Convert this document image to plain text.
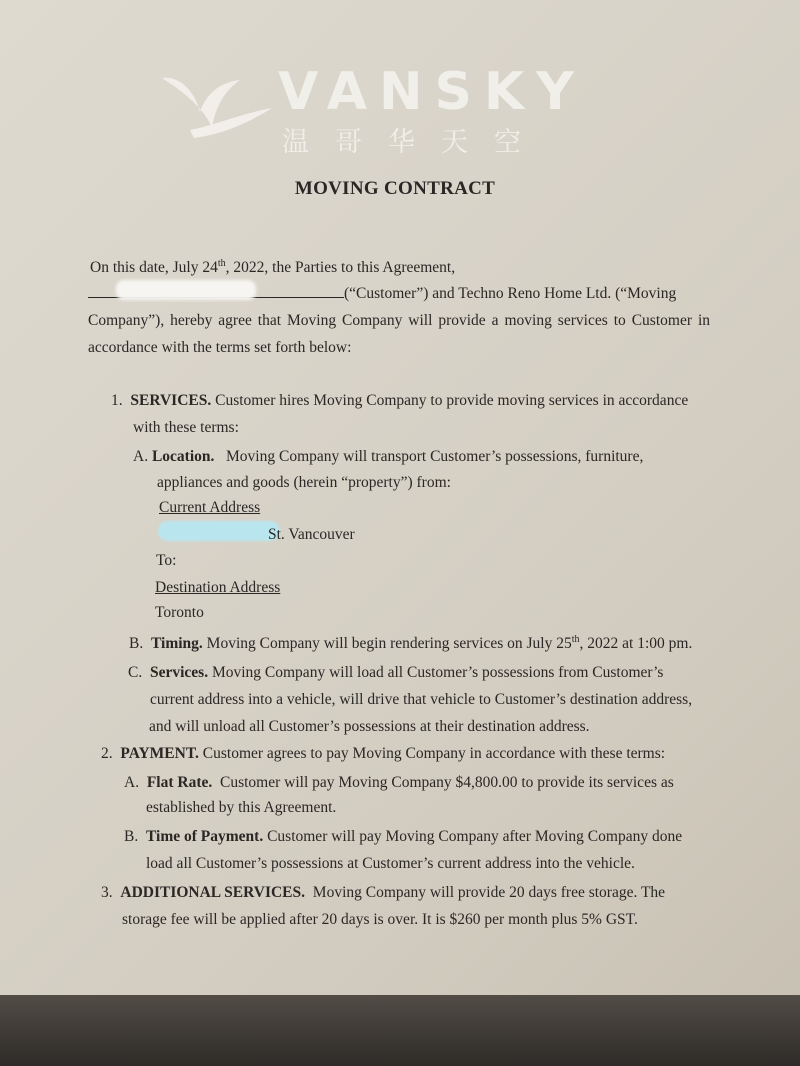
VANSKY
温哥华天空
MOVING CONTRACT
On this date, July 24th, 2022, the Parties to this Agreement,
(“Customer”) and Techno Reno Home Ltd. (“Moving
Company”), hereby agree that Moving Company will provide a moving services to Customer in
accordance with the terms set forth below:
1. SERVICES. Customer hires Moving Company to provide moving services in accordance
with these terms:
A. Location. Moving Company will transport Customer’s possessions, furniture,
appliances and goods (herein “property”) from:
Current Address
St. Vancouver
To:
Destination Address
Toronto
B. Timing. Moving Company will begin rendering services on July 25th, 2022 at 1:00 pm.
C. Services. Moving Company will load all Customer’s possessions from Customer’s
current address into a vehicle, will drive that vehicle to Customer’s destination address,
and will unload all Customer’s possessions at their destination address.
2. PAYMENT. Customer agrees to pay Moving Company in accordance with these terms:
A. Flat Rate. Customer will pay Moving Company $4,800.00 to provide its services as
established by this Agreement.
B. Time of Payment. Customer will pay Moving Company after Moving Company done
load all Customer’s possessions at Customer’s current address into the vehicle.
3. ADDITIONAL SERVICES. Moving Company will provide 20 days free storage. The
storage fee will be applied after 20 days is over. It is $260 per month plus 5% GST.
